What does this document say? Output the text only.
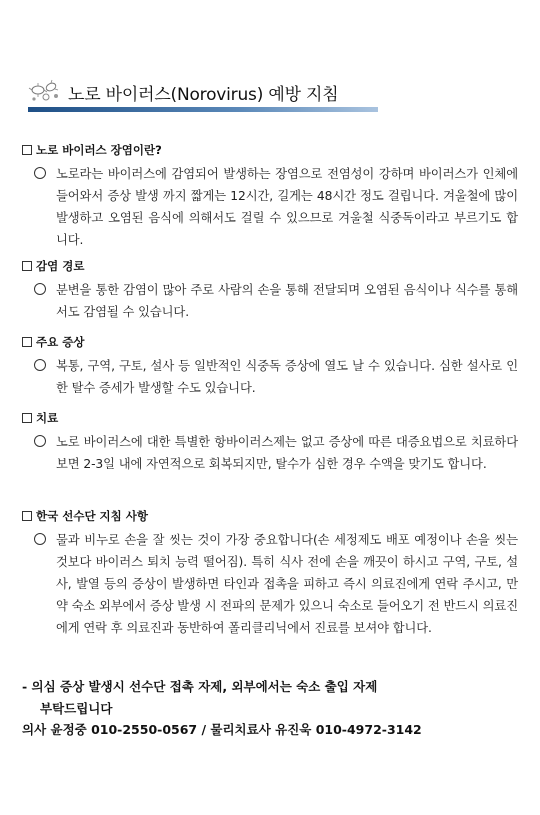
노로 바이러스(Norovirus) 예방 지침
노로 바이러스 장염이란?

노로라는 바이러스에 감염되어 발생하는 장염으로 전염성이 강하며 바이러스가 인체에 들어와서 증상 발생 까지 짧게는 12시간, 길게는 48시간 정도 걸립니다. 겨울철에 많이 발생하고 오염된 음식에 의해서도 걸릴 수 있으므로 겨울철 식중독이라고 부르기도 합니다.

감염 경로

분변을 통한 감염이 많아 주로 사람의 손을 통해 전달되며 오염된 음식이나 식수를 통해서도 감염될 수 있습니다.

주요 증상

복통, 구역, 구토, 설사 등 일반적인 식중독 증상에 열도 날 수 있습니다. 심한 설사로 인한 탈수 증세가 발생할 수도 있습니다.

치료

노로 바이러스에 대한 특별한 항바이러스제는 없고 증상에 따른 대증요법으로 치료하다 보면 2-3일 내에 자연적으로 회복되지만, 탈수가 심한 경우 수액을 맞기도 합니다.

한국 선수단 지침 사항

물과 비누로 손을 잘 씻는 것이 가장 중요합니다(손 세정제도 배포 예정이나 손을 씻는 것보다 바이러스 퇴치 능력 떨어짐). 특히 식사 전에 손을 깨끗이 하시고 구역, 구토, 설사, 발열 등의 증상이 발생하면 타인과 접촉을 피하고 즉시 의료진에게 연락 주시고, 만약 숙소 외부에서 증상 발생 시 전파의 문제가 있으니 숙소로 들어오기 전 반드시 의료진에게 연락 후 의료진과 동반하여 폴리클리닉에서 진료를 보셔야 합니다.

- 의심 증상 발생시 선수단 접촉 자제, 외부에서는 숙소 출입 자제
부탁드립니다
의사 윤정중 010-2550-0567 / 물리치료사 유진욱 010-4972-3142
